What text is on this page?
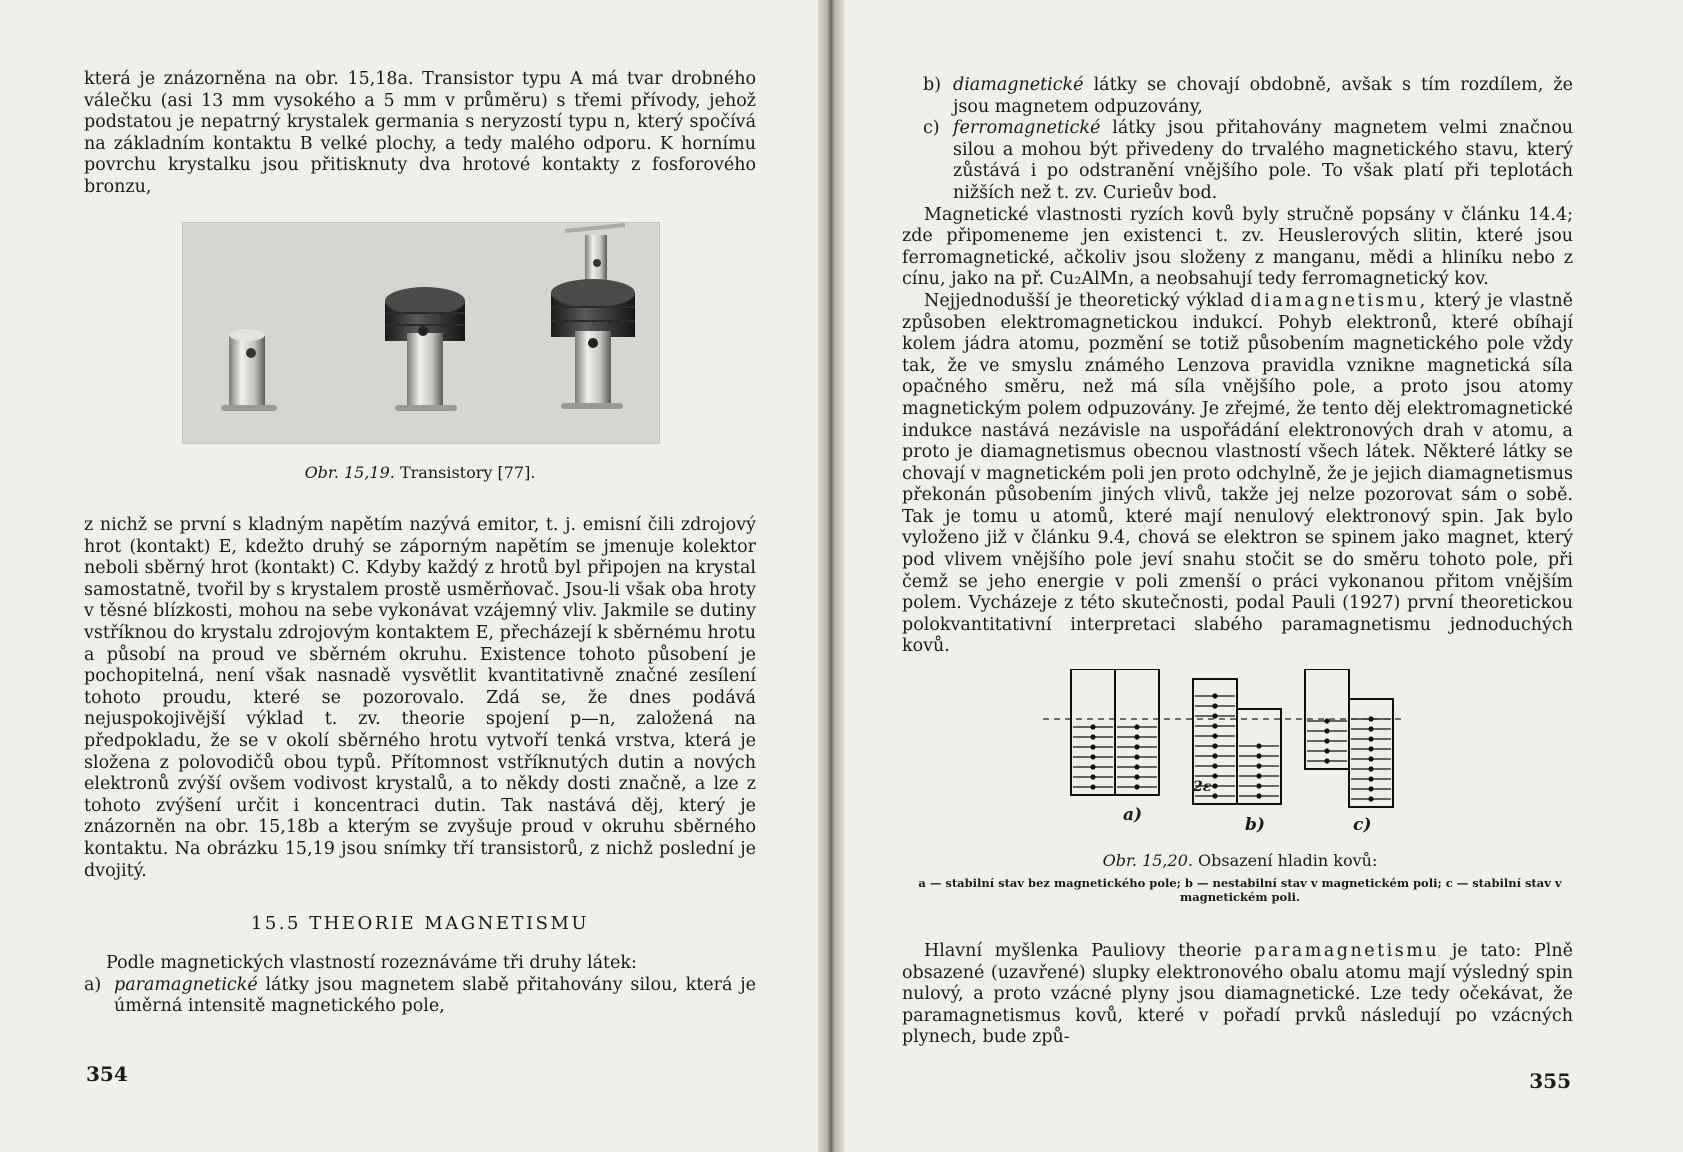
která je znázorněna na obr. 15,18a. Transistor typu A má tvar drobného válečku (asi 13 mm vysokého a 5 mm v průměru) s třemi přívody, jehož podstatou je nepatrný krystalek germania s neryzostí typu n, který spočívá na základním kontaktu B velké plochy, a tedy malého odporu. K hornímu povrchu krystalku jsou přitisknuty dva hrotové kontakty z fosforového bronzu,

Obr. 15,19. Transistory [77].

z nichž se první s kladným napětím nazývá emitor, t. j. emisní čili zdrojový hrot (kontakt) E, kdežto druhý se záporným napětím se jmenuje kolektor neboli sběrný hrot (kontakt) C. Kdyby každý z hrotů byl připojen na krystal samostatně, tvořil by s krystalem prostě usměrňovač. Jsou-li však oba hroty v těsné blízkosti, mohou na sebe vykonávat vzájemný vliv. Jakmile se dutiny vstříknou do krystalu zdrojovým kontaktem E, přecházejí k sběrnému hrotu a působí na proud ve sběrném okruhu. Existence tohoto působení je pochopitelná, není však nasnadě vysvětlit kvantitativně značné zesílení tohoto proudu, které se pozorovalo. Zdá se, že dnes podává nejuspokojivější výklad t. zv. theorie spojení p—n, založená na předpokladu, že se v okolí sběrného hrotu vytvoří tenká vrstva, která je složena z polovodičů obou typů. Přítomnost vstříknutých dutin a nových elektronů zvýší ovšem vodivost krystalů, a to někdy dosti značně, a lze z tohoto zvýšení určit i koncentraci dutin. Tak nastává děj, který je znázorněn na obr. 15,18b a kterým se zvyšuje proud v okruhu sběrného kontaktu. Na obrázku 15,19 jsou snímky tří transistorů, z nichž poslední je dvojitý.

15.5 THEORIE MAGNETISMU

Podle magnetických vlastností rozeznáváme tři druhy látek:

a) paramagnetické látky jsou magnetem slabě přitahovány silou, která je úměrná intensitě magnetického pole,
354
b) diamagnetické látky se chovají obdobně, avšak s tím rozdílem, že jsou magnetem odpuzovány,
c) ferromagnetické látky jsou přitahovány magnetem velmi značnou silou a mohou být přivedeny do trvalého magnetického stavu, který zůstává i po odstranění vnějšího pole. To však platí při teplotách nižších než t. zv. Curieův bod.

Magnetické vlastnosti ryzích kovů byly stručně popsány v článku 14.4; zde připomeneme jen existenci t. zv. Heuslerových slitin, které jsou ferromagnetické, ačkoliv jsou složeny z manganu, mědi a hliníku nebo z cínu, jako na př. Cu₂AlMn, a neobsahují tedy ferromagnetický kov.

Nejjednodušší je theoretický výklad diamagnetismu, který je vlastně způsoben elektromagnetickou indukcí. Pohyb elektronů, které obíhají kolem jádra atomu, pozmění se totiž působením magnetického pole vždy tak, že ve smyslu známého Lenzova pravidla vznikne magnetická síla opačného směru, než má síla vnějšího pole, a proto jsou atomy magnetickým polem odpuzovány. Je zřejmé, že tento děj elektromagnetické indukce nastává nezávisle na uspořádání elektronových drah v atomu, a proto je diamagnetismus obecnou vlastností všech látek. Některé látky se chovají v magnetickém poli jen proto odchylně, že je jejich diamagnetismus překonán působením jiných vlivů, takže jej nelze pozorovat sám o sobě. Tak je tomu u atomů, které mají nenulový elektronový spin. Jak bylo vyloženo již v článku 9.4, chová se elektron se spinem jako magnet, který pod vlivem vnějšího pole jeví snahu stočit se do směru tohoto pole, při čemž se jeho energie v poli zmenší o práci vykonanou přitom vnějším polem. Vycházeje z této skutečnosti, podal Pauli (1927) první theoretickou polokvantitativní interpretaci slabého paramagnetismu jednoduchých kovů.

a)	b)	c)
2ε
Obr. 15,20. Obsazení hladin kovů:
a — stabilní stav bez magnetického pole; b — nestabilní stav v magnetickém poli; c — stabilní stav v magnetickém poli.

Hlavní myšlenka Pauliovy theorie paramagnetismu je tato: Plně obsazené (uzavřené) slupky elektronového obalu atomu mají výsledný spin nulový, a proto vzácné plyny jsou diamagnetické. Lze tedy očekávat, že paramagnetismus kovů, které v pořadí prvků následují po vzácných plynech, bude způ-

355
